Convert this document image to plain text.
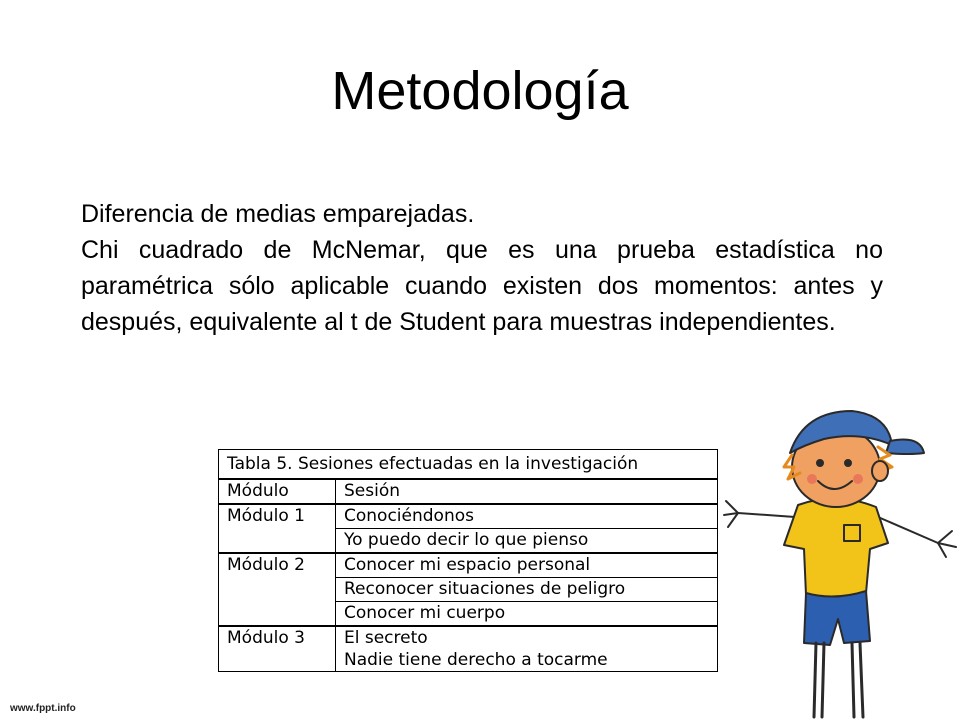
Metodología

Diferencia de medias emparejadas.

Chi cuadrado de McNemar, que es una prueba estadística no paramétrica sólo aplicable cuando existen dos momentos: antes y después, equivalente al t de Student para muestras independientes.

Tabla 5. Sesiones efectuadas en la investigación	
Módulo	Sesión
Módulo 1	Conociéndonos
	Yo puedo decir lo que pienso
Módulo 2	Conocer mi espacio personal
	Reconocer situaciones de peligro
	Conocer mi cuerpo
Módulo 3	El secreto
Nadie tiene derecho a tocarme
www.fppt.info
